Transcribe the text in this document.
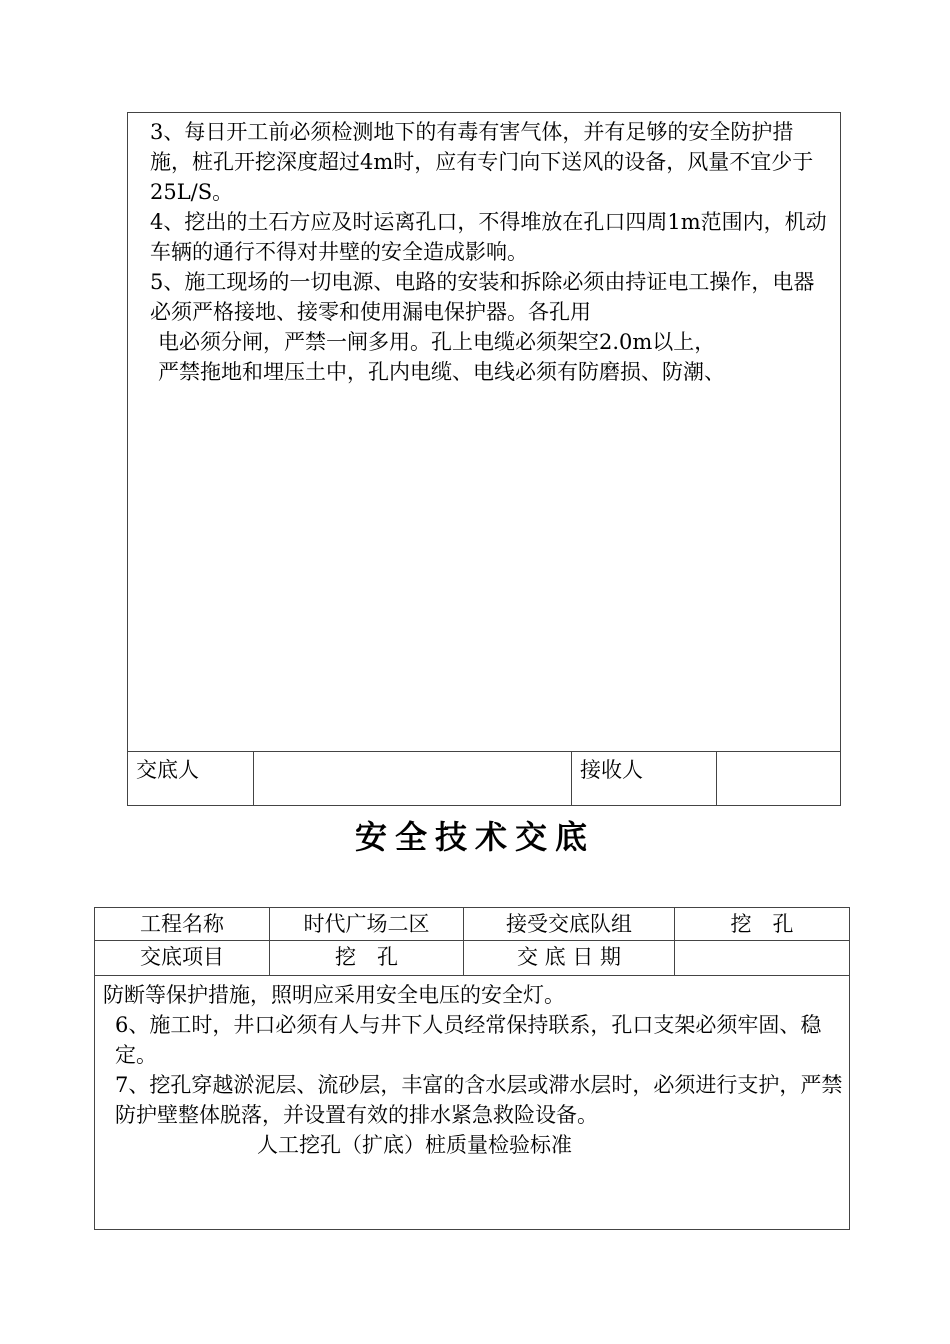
3、每日开工前必须检测地下的有毒有害气体，并有足够的安全防护措施，桩孔开挖深度超过4m时，应有专门向下送风的设备，风量不宜少于25L/S。

4、挖出的土石方应及时运离孔口，不得堆放在孔口四周1m范围内，机动车辆的通行不得对井壁的安全造成影响。

5、施工现场的一切电源、电路的安装和拆除必须由持证电工操作，电器必须严格接地、接零和使用漏电保护器。各孔用

电必须分闸，严禁一闸多用。孔上电缆必须架空2.0m以上，

严禁拖地和埋压土中，孔内电缆、电线必须有防磨损、防潮、

交底人	接收人
安全技术交底
工程名称	时代广场二区	接受交底队组	挖　孔
交底项目	挖　孔	交 底 日 期

防断等保护措施，照明应采用安全电压的安全灯。

6、施工时，井口必须有人与井下人员经常保持联系，孔口支架必须牢固、稳定。

7、挖孔穿越淤泥层、流砂层，丰富的含水层或滞水层时，必须进行支护，严禁防护壁整体脱落，并设置有效的排水紧急救险设备。

人工挖孔（扩底）桩质量检验标准
